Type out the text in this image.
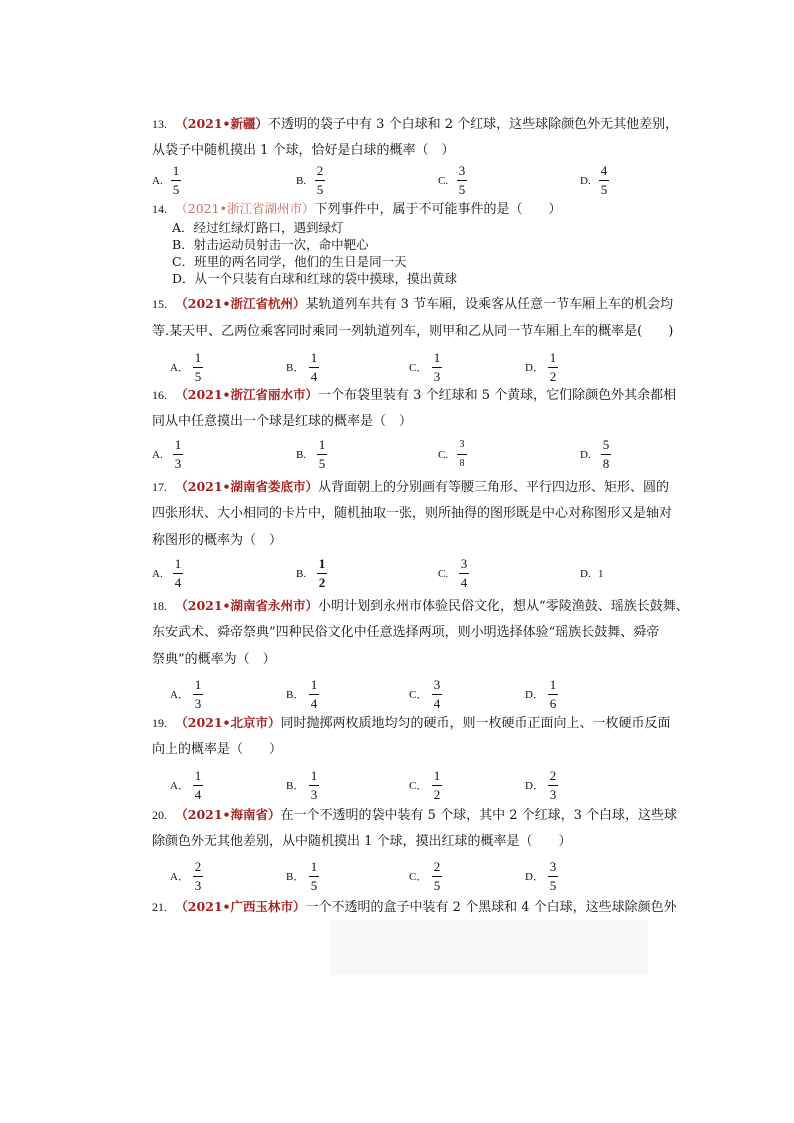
13. （2021•新疆）不透明的袋子中有 3 个白球和 2 个红球，这些球除颜色外无其他差别，
从袋子中随机摸出 1 个球，恰好是白球的概率（　）
A.
1
5
B.
2
5
C.
3
5
D.
4
5
14. （2021•浙江省湖州市）下列事件中，属于不可能事件的是（　　）
A．经过红绿灯路口，遇到绿灯
B．射击运动员射击一次，命中靶心
C．班里的两名同学，他们的生日是同一天
D．从一个只装有白球和红球的袋中摸球，摸出黄球
15. （2021•浙江省杭州）某轨道列车共有 3 节车厢，设乘客从任意一节车厢上车的机会均
等.某天甲、乙两位乘客同时乘同一列轨道列车，则甲和乙从同一节车厢上车的概率是(　　)
A．
1
5
B．
1
4
C．
1
3
D．
1
2
16. （2021•浙江省丽水市）一个布袋里装有 3 个红球和 5 个黄球，它们除颜色外其余都相
同从中任意摸出一个球是红球的概率是（　）
A.
1
3
B.
1
5
C.
3
8
D.
5
8
17. （2021•湖南省娄底市）从背面朝上的分别画有等腰三角形、平行四边形、矩形、圆的
四张形状、大小相同的卡片中，随机抽取一张，则所抽得的图形既是中心对称图形又是轴对
称图形的概率为（　）
A.
1
4
B.
1
2
C.
3
4
D. 1
18. （2021•湖南省永州市）小明计划到永州市体验民俗文化，想从“零陵渔鼓、瑶族长鼓舞、
东安武术、舜帝祭典”四种民俗文化中任意选择两项，则小明选择体验“瑶族长鼓舞、舜帝
祭典”的概率为（　）
A．
1
3
B．
1
4
C．
3
4
D．
1
6
19. （2021•北京市）同时抛掷两枚质地均匀的硬币，则一枚硬币正面向上、一枚硬币反面
向上的概率是（　　）
A．
1
4
B．
1
3
C．
1
2
D．
2
3
20. （2021•海南省）在一个不透明的袋中装有 5 个球，其中 2 个红球，3 个白球，这些球
除颜色外无其他差别，从中随机摸出 1 个球，摸出红球的概率是（　　）
A．
2
3
B．
1
5
C．
2
5
D．
3
5
21. （2021•广西玉林市）一个不透明的盒子中装有 2 个黑球和 4 个白球，这些球除颜色外
